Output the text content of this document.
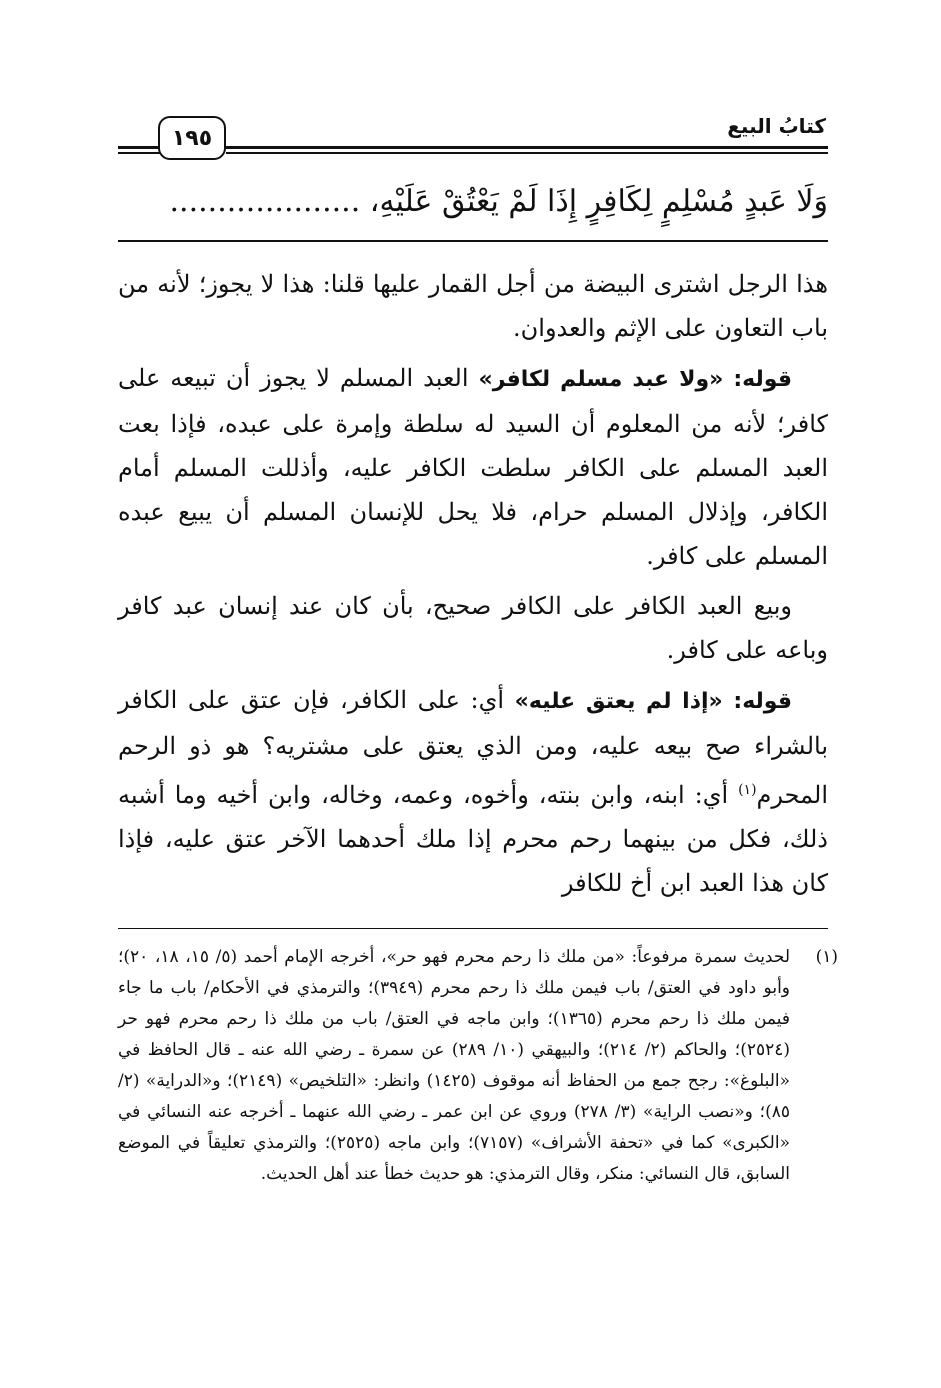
كتابُ البيع
١٩٥
وَلَا عَبدٍ مُسْلِمٍ لِكَافِرٍ إِذَا لَمْ يَعْتُقْ عَلَيْهِ، ....................

هذا الرجل اشترى البيضة من أجل القمار عليها قلنا: هذا لا يجوز؛ لأنه من باب التعاون على الإثم والعدوان.

قوله: «ولا عبد مسلم لكافر» العبد المسلم لا يجوز أن تبيعه على كافر؛ لأنه من المعلوم أن السيد له سلطة وإمرة على عبده، فإذا بعت العبد المسلم على الكافر سلطت الكافر عليه، وأذللت المسلم أمام الكافر، وإذلال المسلم حرام، فلا يحل للإنسان المسلم أن يبيع عبده المسلم على كافر.

وبيع العبد الكافر على الكافر صحيح، بأن كان عند إنسان عبد كافر وباعه على كافر.

قوله: «إذا لم يعتق عليه» أي: على الكافر، فإن عتق على الكافر بالشراء صح بيعه عليه، ومن الذي يعتق على مشتريه؟ هو ذو الرحم المحرم$^{(١)}$ أي: ابنه، وابن بنته، وأخوه، وعمه، وخاله، وابن أخيه وما أشبه ذلك، فكل من بينهما رحم محرم إذا ملك أحدهما الآخر عتق عليه، فإذا كان هذا العبد ابن أخ للكافر

(١)
لحديث سمرة مرفوعاً: «من ملك ذا رحم محرم فهو حر»، أخرجه الإمام أحمد (٥/ ١٥، ١٨، ٢٠)؛ وأبو داود في العتق/ باب فيمن ملك ذا رحم محرم (٣٩٤٩)؛ والترمذي في الأحكام/ باب ما جاء فيمن ملك ذا رحم محرم (١٣٦٥)؛ وابن ماجه في العتق/ باب من ملك ذا رحم محرم فهو حر (٢٥٢٤)؛ والحاكم (٢/ ٢١٤)؛ والبيهقي (١٠/ ٢٨٩) عن سمرة ـ رضي الله عنه ـ قال الحافظ في «البلوغ»: رجح جمع من الحفاظ أنه موقوف (١٤٢٥) وانظر: «التلخيص» (٢١٤٩)؛ و«الدراية» (٢/ ٨٥)؛ و«نصب الراية» (٣/ ٢٧٨) وروي عن ابن عمر ـ رضي الله عنهما ـ أخرجه عنه النسائي في «الكبرى» كما في «تحفة الأشراف» (٧١٥٧)؛ وابن ماجه (٢٥٢٥)؛ والترمذي تعليقاً في الموضع السابق، قال النسائي: منكر، وقال الترمذي: هو حديث خطأ عند أهل الحديث.
